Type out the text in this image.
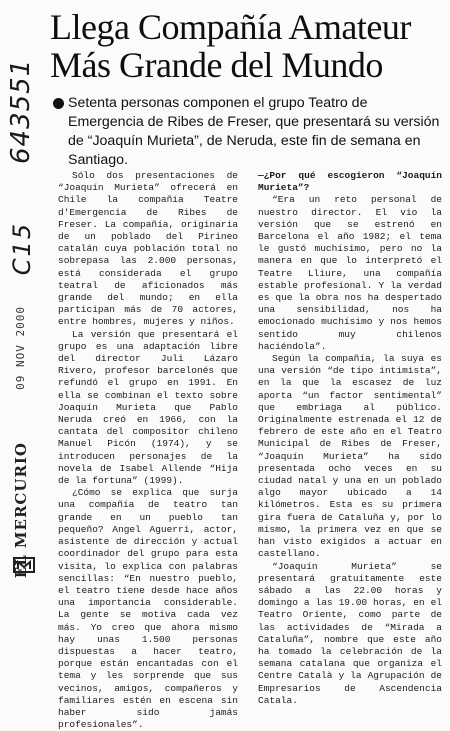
643551
C15
09 NOV 2000
EL MERCURIO
Llega Compañía Amateur Más Grande del Mundo

Setenta personas componen el grupo Teatro de Emergencia de Ribes de Freser, que presentará su versión de “Joaquín Murieta”, de Neruda, este fin de semana en Santiago.

Sólo dos presentaciones de “Joaquín Murieta” ofrecerá en Chile la compañía Teatre d'Emergencia de Ribes de Freser. La compañía, originaria de un poblado del Pirineo catalán cuya población total no sobrepasa las 2.000 personas, está considerada el grupo teatral de aficionados más grande del mundo; en ella participan más de 70 actores, entre hombres, mujeres y niños.

La versión que presentará el grupo es una adaptación libre del director Juli Lázaro Rivero, profesor barcelonés que refundó el grupo en 1991. En ella se combinan el texto sobre Joaquín Murieta que Pablo Neruda creó en 1966, con la cantata del compositor chileno Manuel Picón (1974), y se introducen personajes de la novela de Isabel Allende “Hija de la fortuna” (1999).

¿Cómo se explica que surja una compañía de teatro tan grande en un pueblo tan pequeño? Angel Aguerri, actor, asistente de dirección y actual coordinador del grupo para esta visita, lo explica con palabras sencillas: “En nuestro pueblo, el teatro tiene desde hace años una importancia considerable. La gente se motiva cada vez más. Yo creo que ahora mismo hay unas 1.500 personas dispuestas a hacer teatro, porque están encantadas con el tema y les sorprende que sus vecinos, amigos, compañeros y familiares estén en escena sin haber sido jamás profesionales”.

—¿Por qué escogieron “Joaquín Murieta”?

“Era un reto personal de nuestro director. El vio la versión que se estrenó en Barcelona el año 1982; el tema le gustó muchísimo, pero no la manera en que lo interpretó el Teatre Lliure, una compañía estable profesional. Y la verdad es que la obra nos ha despertado una sensibilidad, nos ha emocionado muchísimo y nos hemos sentido muy chilenos haciéndola”.

Según la compañía, la suya es una versión “de tipo intimista”, en la que la escasez de luz aporta “un factor sentimental” que embriaga al público. Originalmente estrenada el 12 de febrero de este año en el Teatro Municipal de Ribes de Freser, “Joaquín Murieta” ha sido presentada ocho veces en su ciudad natal y una en un poblado algo mayor ubicado a 14 kilómetros. Esta es su primera gira fuera de Cataluña y, por lo mismo, la primera vez en que se han visto exigidos a actuar en castellano.

“Joaquín Murieta” se presentará gratuitamente este sábado a las 22.00 horas y domingo a las 19.00 horas, en el Teatro Oriente, como parte de las actividades de “Mirada a Cataluña”, nombre que este año ha tomado la celebración de la semana catalana que organiza el Centre Català y la Agrupación de Empresarios de Ascendencia Catala.
